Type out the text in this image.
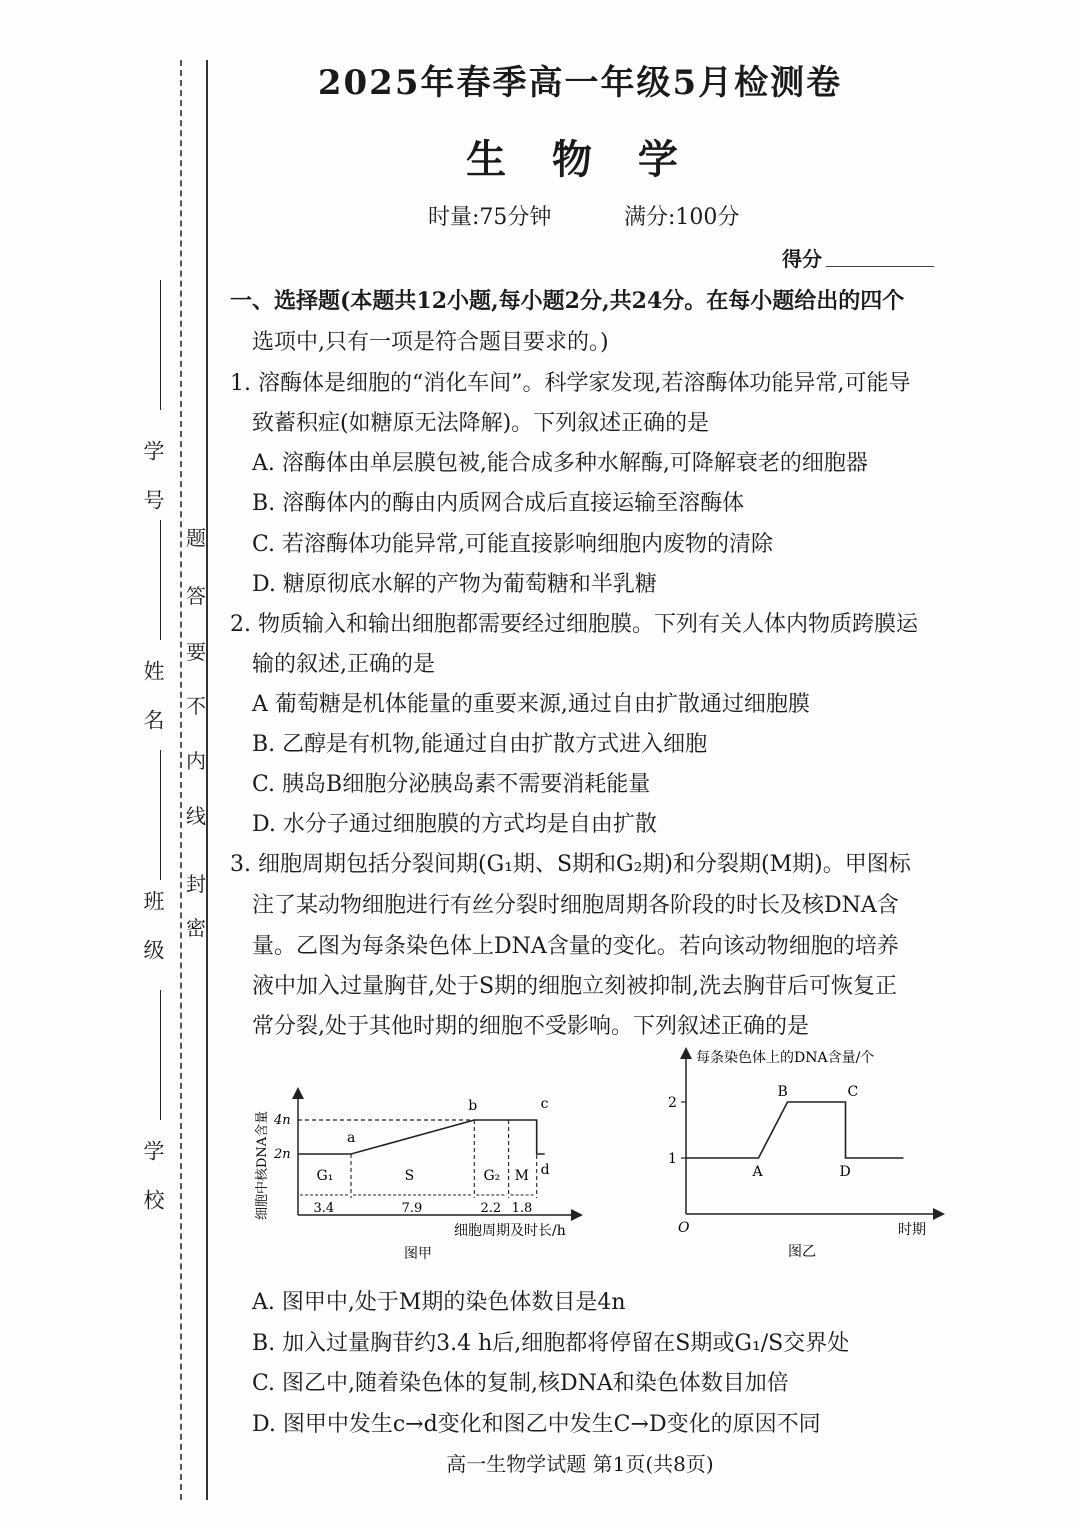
密
封
线
内
不
要
答
题
学 号
姓 名
班 级
学 校
2025年春季高一年级5月检测卷
生 物 学
时量:75分钟	满分:100分
得分
一、选择题(本题共12小题,每小题2分,共24分。在每小题给出的四个
选项中,只有一项是符合题目要求的。)
1. 溶酶体是细胞的“消化车间”。科学家发现,若溶酶体功能异常,可能导
致蓄积症(如糖原无法降解)。下列叙述正确的是
A. 溶酶体由单层膜包被,能合成多种水解酶,可降解衰老的细胞器
B. 溶酶体内的酶由内质网合成后直接运输至溶酶体
C. 若溶酶体功能异常,可能直接影响细胞内废物的清除
D. 糖原彻底水解的产物为葡萄糖和半乳糖
2. 物质输入和输出细胞都需要经过细胞膜。下列有关人体内物质跨膜运
输的叙述,正确的是
A 葡萄糖是机体能量的重要来源,通过自由扩散通过细胞膜
B. 乙醇是有机物,能通过自由扩散方式进入细胞
C. 胰岛B细胞分泌胰岛素不需要消耗能量
D. 水分子通过细胞膜的方式均是自由扩散
3. 细胞周期包括分裂间期(G₁期、S期和G₂期)和分裂期(M期)。甲图标
注了某动物细胞进行有丝分裂时细胞周期各阶段的时长及核DNA含
量。乙图为每条染色体上DNA含量的变化。若向该动物细胞的培养
液中加入过量胸苷,处于S期的细胞立刻被抑制,洗去胸苷后可恢复正
常分裂,处于其他时期的细胞不受影响。下列叙述正确的是
细胞中核DNA含量 2n
4n
G₁
3.4
S
7.9
G₂
2.2
M
1.8
a
b	c
d
细胞周期及时长/h
图甲
每条染色体上的DNA含量/个
O	时期
图乙
1
2
A
B	C
D
A. 图甲中,处于M期的染色体数目是4n
B. 加入过量胸苷约3.4 h后,细胞都将停留在S期或G₁/S交界处
C. 图乙中,随着染色体的复制,核DNA和染色体数目加倍
D. 图甲中发生c→d变化和图乙中发生C→D变化的原因不同
高一生物学试题 第1页(共8页)
